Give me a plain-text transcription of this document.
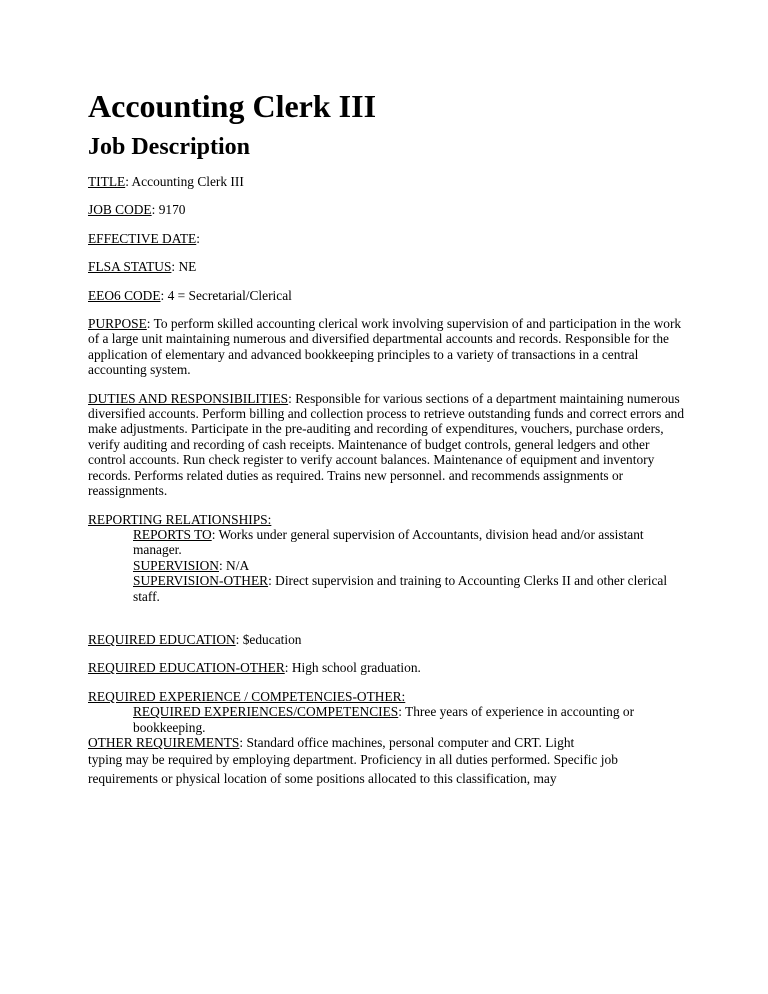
Accounting Clerk III
Job Description

TITLE: Accounting Clerk III

JOB CODE: 9170

EFFECTIVE DATE:

FLSA STATUS: NE

EEO6 CODE: 4 = Secretarial/Clerical

PURPOSE: To perform skilled accounting clerical work involving supervision of and participation in the work of a large unit maintaining numerous and diversified departmental accounts and records. Responsible for the application of elementary and advanced bookkeeping principles to a variety of transactions in a central accounting system.

DUTIES AND RESPONSIBILITIES: Responsible for various sections of a department maintaining numerous diversified accounts. Perform billing and collection process to retrieve outstanding funds and correct errors and make adjustments. Participate in the pre-auditing and recording of expenditures, vouchers, purchase orders, verify auditing and recording of cash receipts. Maintenance of budget controls, general ledgers and other control accounts. Run check register to verify account balances. Maintenance of equipment and inventory records. Performs related duties as required. Trains new personnel. and recommends assignments or reassignments.

REPORTING RELATIONSHIPS:
REPORTS TO: Works under general supervision of Accountants, division head and/or assistant manager.
SUPERVISION: N/A
SUPERVISION-OTHER: Direct supervision and training to Accounting Clerks II and other clerical staff.

REQUIRED EDUCATION: $education

REQUIRED EDUCATION-OTHER: High school graduation.

REQUIRED EXPERIENCE / COMPETENCIES-OTHER:
REQUIRED EXPERIENCES/COMPETENCIES: Three years of experience in accounting or bookkeeping.
OTHER REQUIREMENTS: Standard office machines, personal computer and CRT. Light
typing may be required by employing department. Proficiency in all duties performed. Specific job requirements or physical location of some positions allocated to this classification, may
